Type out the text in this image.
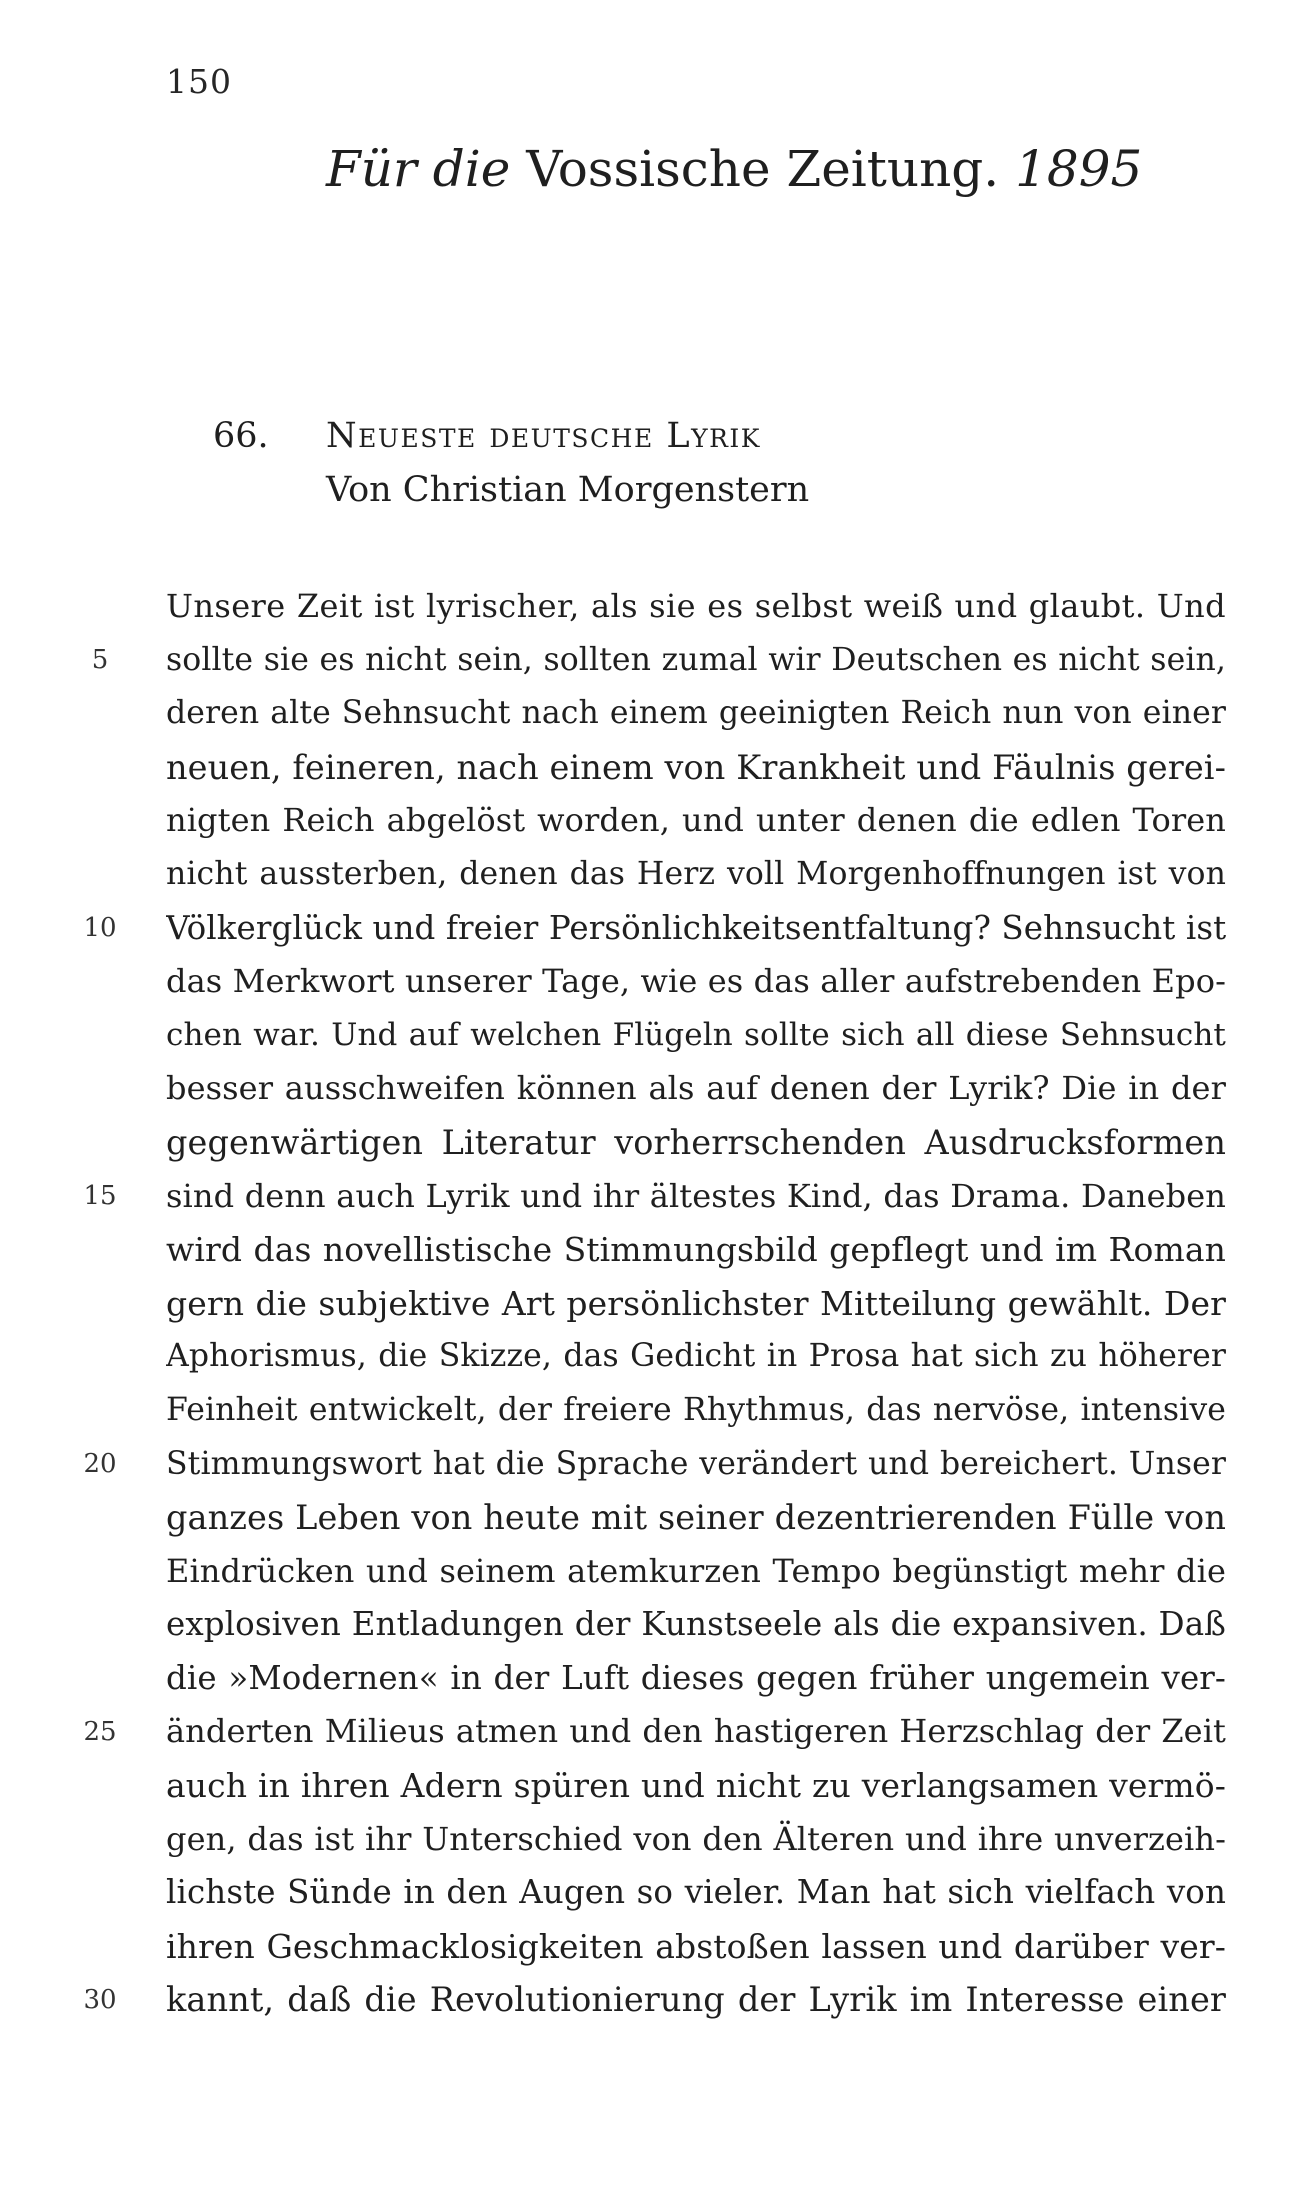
150
Für die Vossische Zeitung. 1895
66. Neueste deutsche Lyrik
Von Christian Morgenstern
5
10
15
20
25
30
Unsere Zeit ist lyrischer, als sie es selbst weiß und glaubt. Und
sollte sie es nicht sein, sollten zumal wir Deutschen es nicht sein,
deren alte Sehnsucht nach einem geeinigten Reich nun von einer
neuen, feineren, nach einem von Krankheit und Fäulnis gerei-
nigten Reich abgelöst worden, und unter denen die edlen Toren
nicht aussterben, denen das Herz voll Morgenhoffnungen ist von
Völkerglück und freier Persönlichkeitsentfaltung? Sehnsucht ist
das Merkwort unserer Tage, wie es das aller aufstrebenden Epo-
chen war. Und auf welchen Flügeln sollte sich all diese Sehnsucht
besser ausschweifen können als auf denen der Lyrik? Die in der
gegenwärtigen Literatur vorherrschenden Ausdrucksformen
sind denn auch Lyrik und ihr ältestes Kind, das Drama. Daneben
wird das novellistische Stimmungsbild gepflegt und im Roman
gern die subjektive Art persönlichster Mitteilung gewählt. Der
Aphorismus, die Skizze, das Gedicht in Prosa hat sich zu höherer
Feinheit entwickelt, der freiere Rhythmus, das nervöse, intensive
Stimmungswort hat die Sprache verändert und bereichert. Unser
ganzes Leben von heute mit seiner dezentrierenden Fülle von
Eindrücken und seinem atemkurzen Tempo begünstigt mehr die
explosiven Entladungen der Kunstseele als die expansiven. Daß
die »Modernen« in der Luft dieses gegen früher ungemein ver-
änderten Milieus atmen und den hastigeren Herzschlag der Zeit
auch in ihren Adern spüren und nicht zu verlangsamen vermö-
gen, das ist ihr Unterschied von den Älteren und ihre unverzeih-
lichste Sünde in den Augen so vieler. Man hat sich vielfach von
ihren Geschmacklosigkeiten abstoßen lassen und darüber ver-
kannt, daß die Revolutionierung der Lyrik im Interesse einer
